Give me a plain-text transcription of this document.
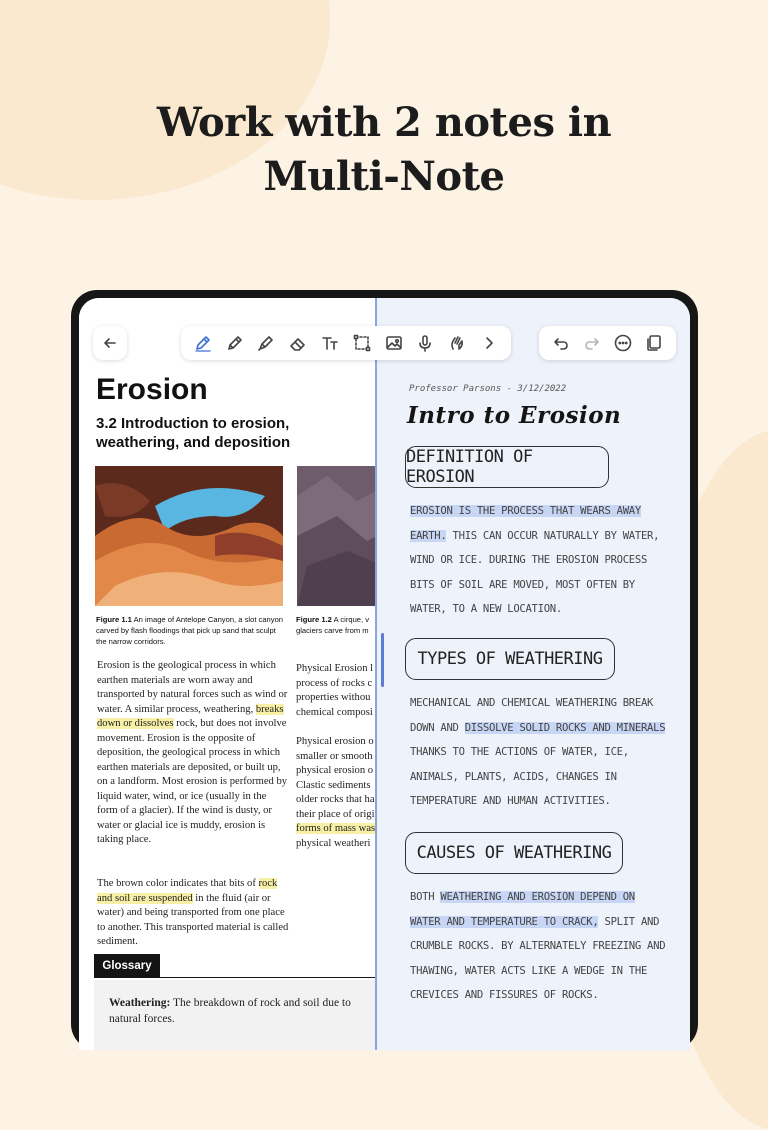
Work with 2 notes in
Multi-Note
Erosion
3.2 Introduction to erosion, weathering, and deposition
Figure 1.1 An image of Antelope Canyon, a slot canyon carved by flash floodings that pick up sand that sculpt the narrow corridors.
Figure 1.2 A cirque, v glaciers carve from m
Erosion is the geological process in which earthen materials are worn away and transported by natural forces such as wind or water. A similar process, weathering, breaks down or dissolves rock, but does not involve movement. Erosion is the opposite of deposition, the geological process in which earthen materials are deposited, or built up, on a landform. Most erosion is performed by liquid water, wind, or ice (usually in the form of a glacier). If the wind is dusty, or water or glacial ice is muddy, erosion is taking place.
The brown color indicates that bits of rock and soil are suspended in the fluid (air or water) and being transported from one place to another. This transported material is called sediment.
Physical Erosion l
process of rocks c
properties withou
chemical composi
Physical erosion o
smaller or smooth
physical erosion o
Clastic sediments
older rocks that ha
their place of origi
forms of mass was
physical weatheri
Glossary
Weathering: The breakdown of rock and soil due to natural forces.
Professor Parsons - 3/12/2022
Intro to Erosion
DEFINITION OF EROSION
EROSION IS THE PROCESS THAT WEARS AWAY EARTH. THIS CAN OCCUR NATURALLY BY WATER, WIND OR ICE. DURING THE EROSION PROCESS BITS OF SOIL ARE MOVED, MOST OFTEN BY WATER, TO A NEW LOCATION.
TYPES OF WEATHERING
MECHANICAL AND CHEMICAL WEATHERING BREAK DOWN AND DISSOLVE SOLID ROCKS AND MINERALS THANKS TO THE ACTIONS OF WATER, ICE, ANIMALS, PLANTS, ACIDS, CHANGES IN TEMPERATURE AND HUMAN ACTIVITIES.
CAUSES OF WEATHERING
BOTH WEATHERING AND EROSION DEPEND ON WATER AND TEMPERATURE TO CRACK, SPLIT AND CRUMBLE ROCKS. BY ALTERNATELY FREEZING AND THAWING, WATER ACTS LIKE A WEDGE IN THE CREVICES AND FISSURES OF ROCKS.
